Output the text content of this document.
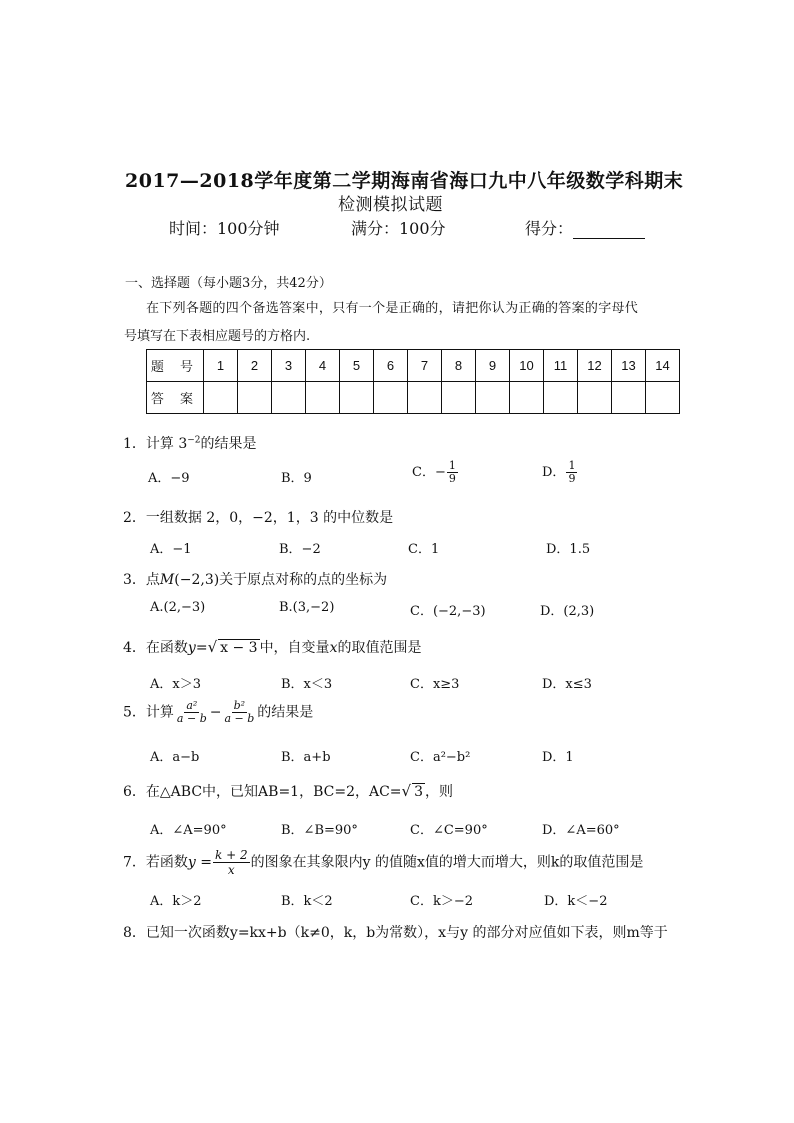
2017—2018学年度第二学期海南省海口九中八年级数学科期末
检测模拟试题
时间：100分钟	满分：100分	得分：
一、选择题（每小题3分，共42分）
在下列各题的四个备选答案中，只有一个是正确的，请把你认为正确的答案的字母代
号填写在下表相应题号的方格内.
题 号	1	2	3	4	5	6	7	8	9	10	11	12	13	14
答 案														
1．计算 $3^{-2}$的结果是
A．−9	B．9	C．− $\frac{1}{9}$	D． $\frac{1}{9}$
2．一组数据 2，0，−2，1，3 的中位数是
A．−1	B．−2	C．1	D．1.5
3．点M(−2,3)关于原点对称的点的坐标为
A.(2,−3)	B.(3,−2)	C．(−2,−3)	D．(2,3)
4．在函数y=√ x − 3 中，自变量x的取值范围是
A．x＞3	B．x＜3	C．x≥3	D．x≤3
5．计算 $\frac{\text{a²}}{a - b} - \frac{\text{b²}}{a - b}$ 的结果是
A．a−b	B．a+b	C．a²−b²	D．1
6．在△ABC中，已知AB=1，BC=2，AC=√ 3 ，则
A．∠A=90°	B．∠B=90°	C．∠C=90°	D．∠A=60°
7．若函数$y = \frac{k + 2}{x}$ 的图象在其象限内y 的值随x值的增大而增大，则k的取值范围是
A．k＞2	B．k＜2	C．k＞−2	D．k＜−2
8．已知一次函数y=kx+b（k≠0，k，b为常数），x与y 的部分对应值如下表，则m等于
